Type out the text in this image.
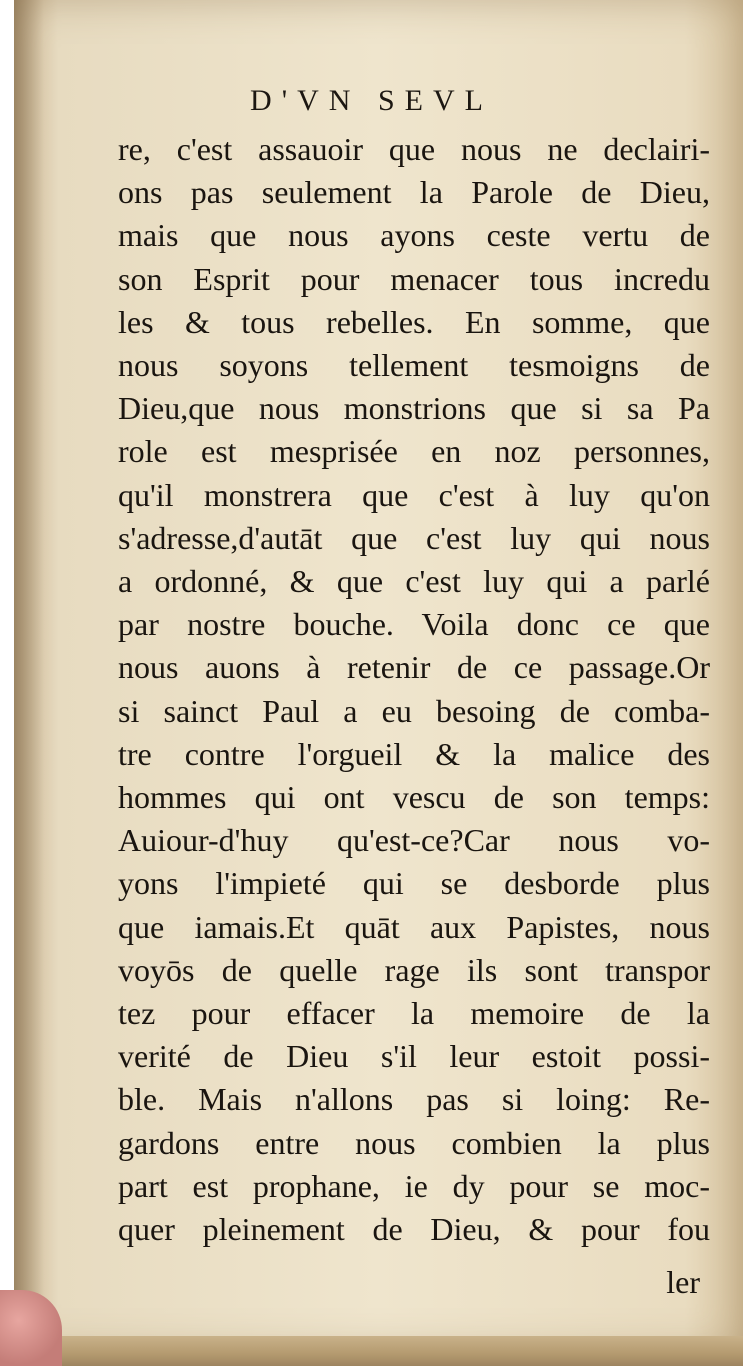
D'VN SEVL
re, c'est assauoir que nous ne declairi-
ons pas seulement la Parole de Dieu,
mais que nous ayons ceste vertu de
son Esprit pour menacer tous incredu
les & tous rebelles. En somme, que
nous soyons tellement tesmoigns de
Dieu,que nous monstrions que si sa Pa
role est mesprisée en noz personnes,
qu'il monstrera que c'est à luy qu'on
s'adresse,d'autāt que c'est luy qui nous
a ordonné, & que c'est luy qui a parlé
par nostre bouche. Voila donc ce que
nous auons à retenir de ce passage.Or
si sainct Paul a eu besoing de comba-
tre contre l'orgueil & la malice des
hommes qui ont vescu de son temps:
Auiour-d'huy qu'est-ce?Car nous vo-
yons l'impieté qui se desborde plus
que iamais.Et quāt aux Papistes, nous
voyōs de quelle rage ils sont transpor
tez pour effacer la memoire de la
verité de Dieu s'il leur estoit possi-
ble. Mais n'allons pas si loing: Re-
gardons entre nous combien la plus
part est prophane, ie dy pour se moc-
quer pleinement de Dieu, & pour fou
ler
